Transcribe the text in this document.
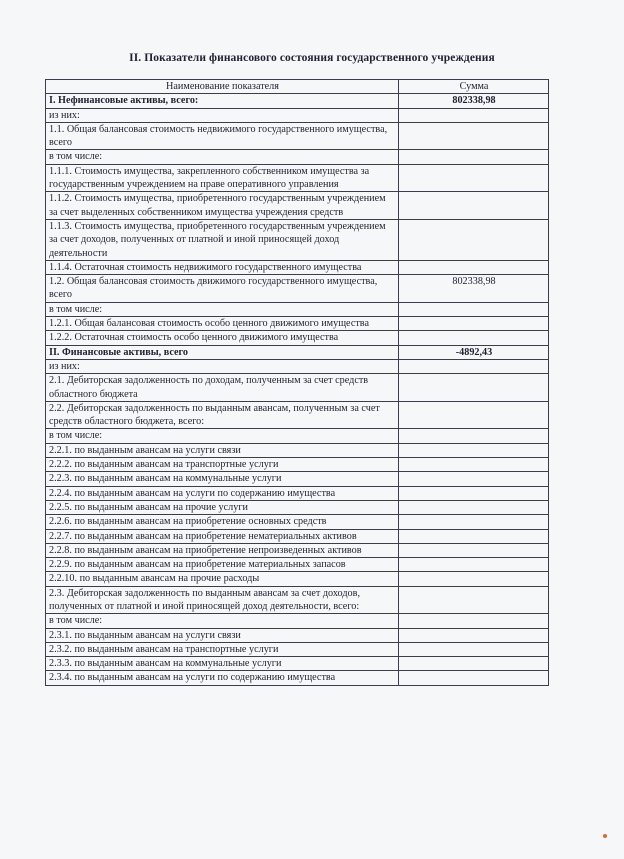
II. Показатели финансового состояния государственного учреждения
Наименование показателя	Сумма
I. Нефинансовые активы, всего:	802338,98
из них:	
1.1. Общая балансовая стоимость недвижимого государственного имущества, всего	
в том числе:	
1.1.1. Стоимость имущества, закрепленного собственником имущества за государственным учреждением на праве оперативного управления	
1.1.2. Стоимость имущества, приобретенного государственным учреждением за счет выделенных собственником имущества учреждения средств	
1.1.3. Стоимость имущества, приобретенного государственным учреждением за счет доходов, полученных от платной и иной приносящей доход деятельности	
1.1.4. Остаточная стоимость недвижимого государственного имущества	
1.2. Общая балансовая стоимость движимого государственного имущества, всего	802338,98
в том числе:	
1.2.1. Общая балансовая стоимость особо ценного движимого имущества	
1.2.2. Остаточная стоимость особо ценного движимого имущества	
II. Финансовые активы, всего	-4892,43
из них:	
2.1. Дебиторская задолженность по доходам, полученным за счет средств областного бюджета	
2.2. Дебиторская задолженность по выданным авансам, полученным за счет средств областного бюджета, всего:	
в том числе:	
2.2.1. по выданным авансам на услуги связи	
2.2.2. по выданным авансам на транспортные услуги	
2.2.3. по выданным авансам на коммунальные услуги	
2.2.4. по выданным авансам на услуги по содержанию имущества	
2.2.5. по выданным авансам на прочие услуги	
2.2.6. по выданным авансам на приобретение основных средств	
2.2.7. по выданным авансам на приобретение нематериальных активов	
2.2.8. по выданным авансам на приобретение непроизведенных активов	
2.2.9. по выданным авансам на приобретение материальных запасов	
2.2.10. по выданным авансам на прочие расходы	
2.3. Дебиторская задолженность по выданным авансам за счет доходов, полученных от платной и иной приносящей доход деятельности, всего:	
в том числе:	
2.3.1. по выданным авансам на услуги связи	
2.3.2. по выданным авансам на транспортные услуги	
2.3.3. по выданным авансам на коммунальные услуги	
2.3.4. по выданным авансам на услуги по содержанию имущества	
